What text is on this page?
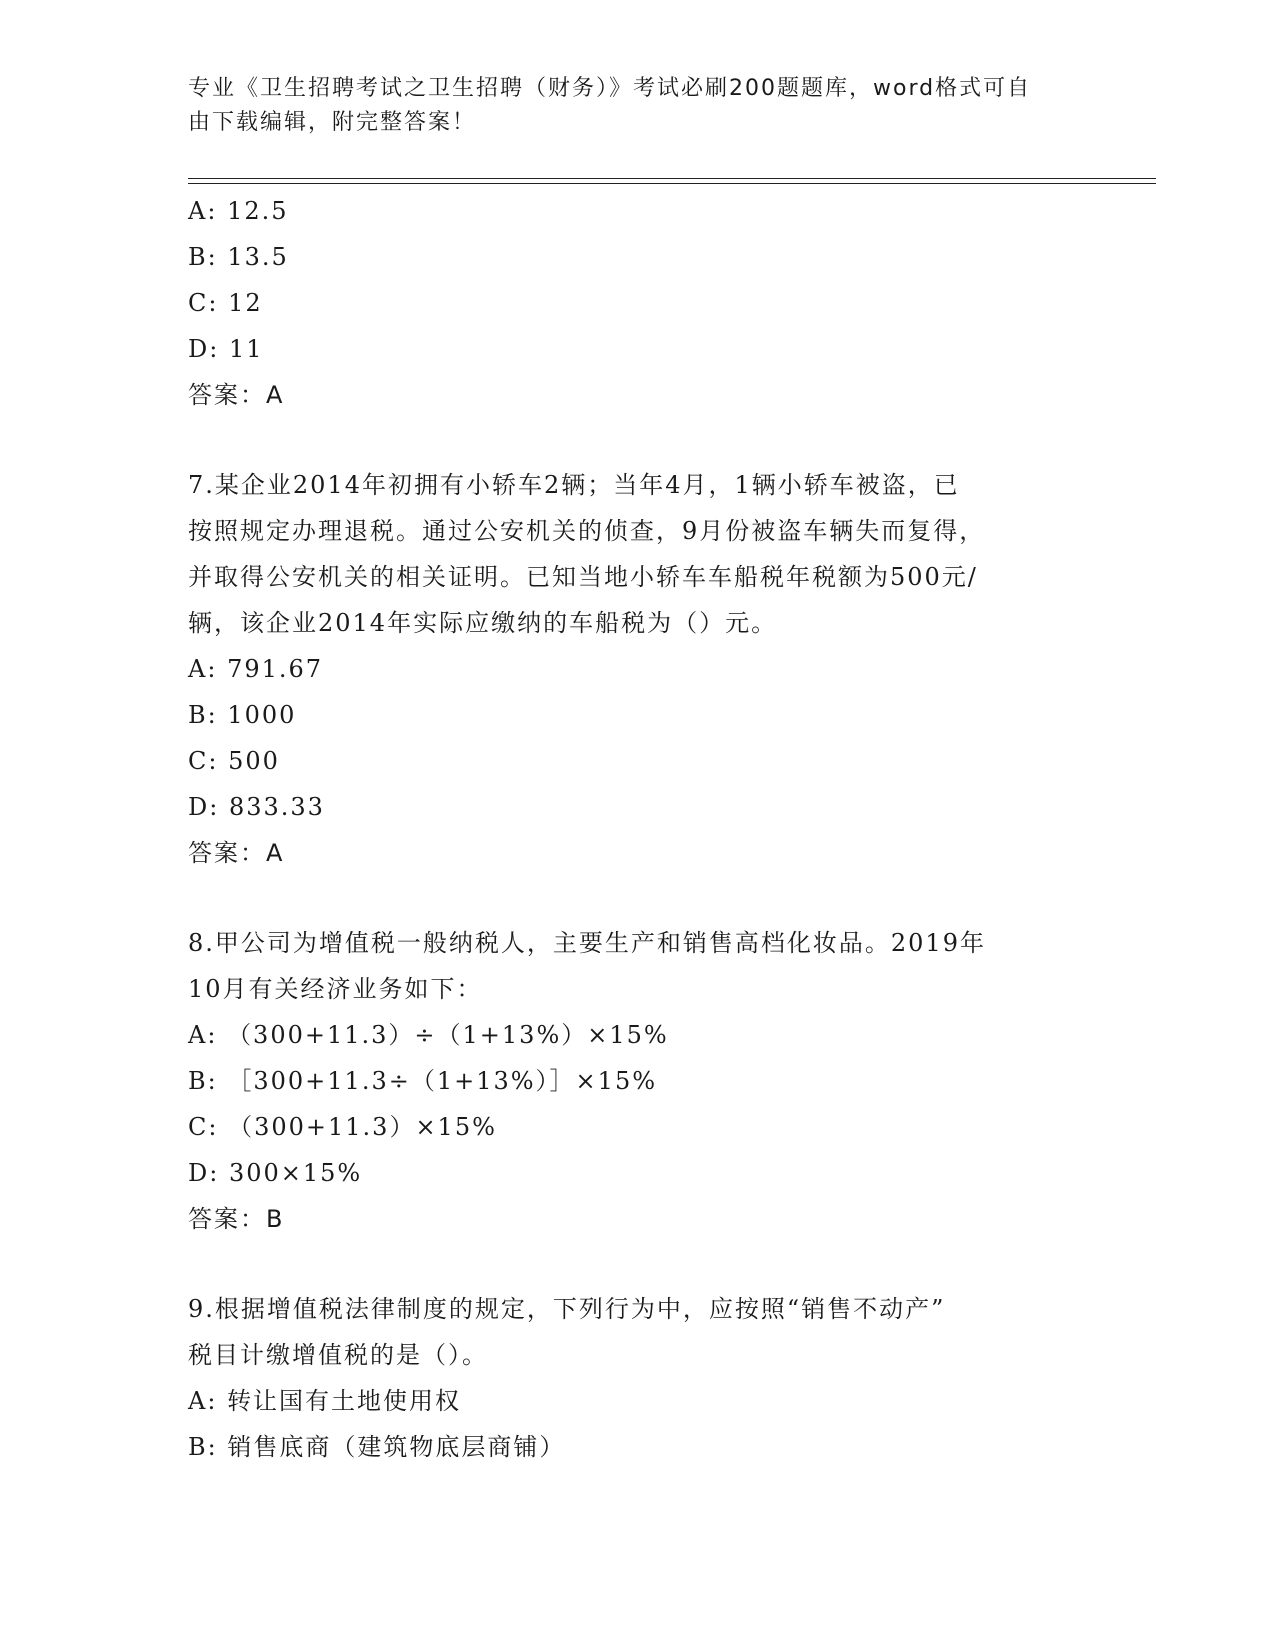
专业《卫生招聘考试之卫生招聘（财务）》考试必刷200题题库，word格式可自
由下载编辑，附完整答案！
A: 12.5
B: 13.5
C: 12
D: 11
答案：A
7.某企业2014年初拥有小轿车2辆；当年4月，1辆小轿车被盗，已
按照规定办理退税。通过公安机关的侦查，9月份被盗车辆失而复得，
并取得公安机关的相关证明。已知当地小轿车车船税年税额为500元/
辆，该企业2014年实际应缴纳的车船税为（）元。
A: 791.67
B: 1000
C: 500
D: 833.33
答案：A
8.甲公司为增值税一般纳税人，主要生产和销售高档化妆品。2019年
10月有关经济业务如下：
A: （300+11.3）÷（1+13%）×15%
B: ［300+11.3÷（1+13%）］×15%
C: （300+11.3）×15%
D: 300×15%
答案：B
9.根据增值税法律制度的规定，下列行为中，应按照“销售不动产”
税目计缴增值税的是（）。
A: 转让国有土地使用权
B: 销售底商（建筑物底层商铺）
